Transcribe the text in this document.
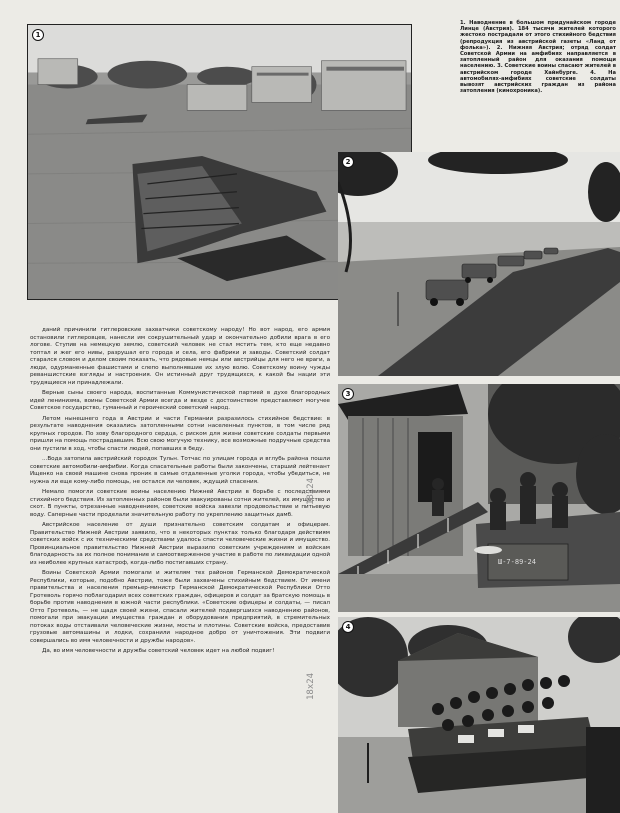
1
2
3
Ш-7-89-24
4

1. Наводнение в большом придунайском городе Линце (Австрия). 184 тысячи жителей которого жестоко пострадали от этого стихийного бедствия (репродукция из австрийской газеты «Ланд от фолька»). 2. Нижняя Австрия; отряд солдат Советской Армии на амфибиях направляется в затопленный район для оказания помощи населению. 3. Советские воины спасают жителей в австрийском городе Хайнбурге. 4. На автомобилях-амфибиях советские солдаты вывозят австрийских граждан из района затопления (кинохроника).

даний причинили гитлеровские захватчики советскому народу! Но вот народ, его армия остановили гитлеровцев, нанесли им сокрушительный удар и окончательно добили врага в его логове. Ступив на немецкую землю, советский человек не стал мстить тем, кто еще недавно топтал и жег его нивы, разрушал его города и села, его фабрики и заводы. Советский солдат старался словом и делом своим показать, что рядовые немцы или австрийцы для него не враги, а люди, одурманенные фашистами и слепо выполнявшие их злую волю. Советскому воину чужды реваншистские взгляды и настроения. Он истинный друг трудящихся, к какой бы нации эти трудящиеся ни принадлежали.

Верные сыны своего народа, воспитанные Коммунистической партией в духе благородных идей ленинизма, воины Советской Армии всегда и везде с достоинством представляют могучее Советское государство, гуманный и героический советский народ.

Летом нынешнего года в Австрии и части Германии разразилось стихийное бедствие: в результате наводнения оказались затопленными сотни населенных пунктов, в том числе ряд крупных городов. По зову благородного сердца, с риском для жизни советские солдаты первыми пришли на помощь пострадавшим. Всю свою могучую технику, все возможные подручные средства они пустили в ход, чтобы спасти людей, попавших в беду.

...Вода затопила австрийский городок Тульн. Тотчас по улицам города и вглубь района пошли советские автомобили-амфибии. Когда спасательные работы были закончены, старший лейтенант Ищенко на своей машине снова проник в самые отдаленные уголки города, чтобы убедиться, не нужна ли еще кому-либо помощь, не остался ли человек, ждущий спасения.

Немало помогли советские воины населению Нижней Австрии в борьбе с последствиями стихийного бедствия. Из затопленных районов были эвакуированы сотни жителей, их имущество и скот. В пункты, отрезанные наводнением, советские войска завезли продовольствие и питьевую воду. Саперные части проделали значительную работу по укреплению защитных дамб.

Австрийское население от души признательно советским солдатам и офицерам. Правительство Нижней Австрии заявило, что в некоторых пунктах только благодаря действиям советских войск с их техническими средствами удалось спасти человеческие жизни и имущество. Провинциальное правительство Нижней Австрии выразило советским учреждениям и войскам благодарность за их полное понимание и самоотверженное участие в работе по ликвидации одной из неиболее крупных катастроф, когда-либо постигавших страну.

Воины Советской Армии помогали и жителям тех районов Германской Демократической Республики, которые, подобно Австрии, тоже были захвачены стихийным бедствием. От имени правительства и населения премьер-министр Германской Демократической Республики Отто Гротеволь горячо поблагодарил всех советских граждан, офицеров и солдат за братскую помощь в борьбе против наводнения в южной части республики. «Советские офицеры и солдаты, — писал Отто Гротеволь, — не щадя своей жизни, спасали жителей подвергшихся наводнению районов, помогали при эвакуации имущества граждан и оборудования предприятий, в стремительных потоках воды отстаивали человеческие жизни, мосты и плотины. Советские войска, предоставив грузовые автомашины и лодки, сохранили народное добро от уничтожения. Эти подвиги совершались во имя человечности и дружбы народов».

Да, во имя человечности и дружбы советский человек идет на любой подвиг!

18x24
18x24
